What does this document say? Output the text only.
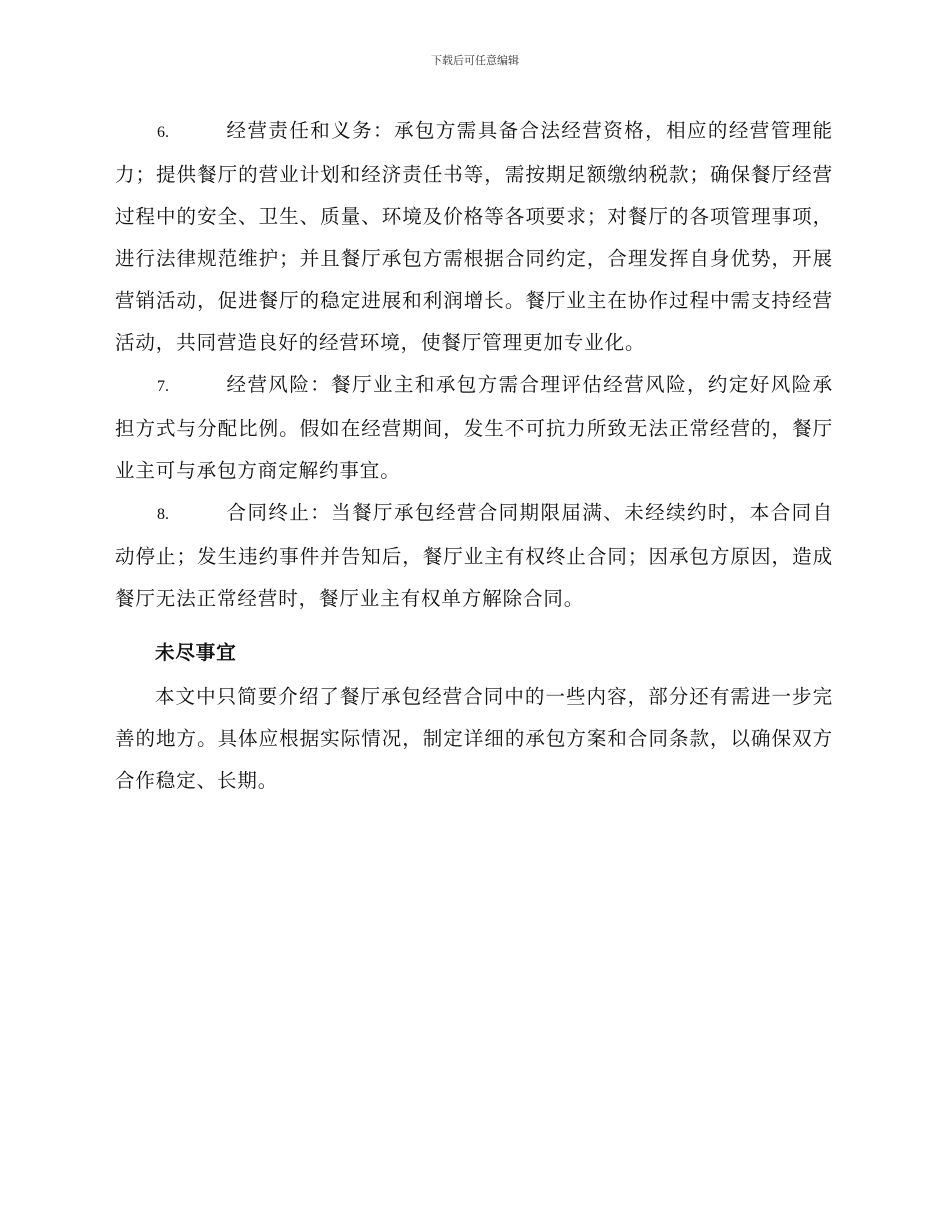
下载后可任意编辑

6.	经营责任和义务：承包方需具备合法经营资格，相应的经营管理能力；提供餐厅的营业计划和经济责任书等，需按期足额缴纳税款；确保餐厅经营过程中的安全、卫生、质量、环境及价格等各项要求；对餐厅的各项管理事项，进行法律规范维护；并且餐厅承包方需根据合同约定，合理发挥自身优势，开展营销活动，促进餐厅的稳定进展和利润增长。餐厅业主在协作过程中需支持经营活动，共同营造良好的经营环境，使餐厅管理更加专业化。

7.	经营风险：餐厅业主和承包方需合理评估经营风险，约定好风险承担方式与分配比例。假如在经营期间，发生不可抗力所致无法正常经营的，餐厅业主可与承包方商定解约事宜。

8.	合同终止：当餐厅承包经营合同期限届满、未经续约时，本合同自动停止；发生违约事件并告知后，餐厅业主有权终止合同；因承包方原因，造成餐厅无法正常经营时，餐厅业主有权单方解除合同。

未尽事宜

本文中只简要介绍了餐厅承包经营合同中的一些内容，部分还有需进一步完善的地方。具体应根据实际情况，制定详细的承包方案和合同条款，以确保双方合作稳定、长期。
